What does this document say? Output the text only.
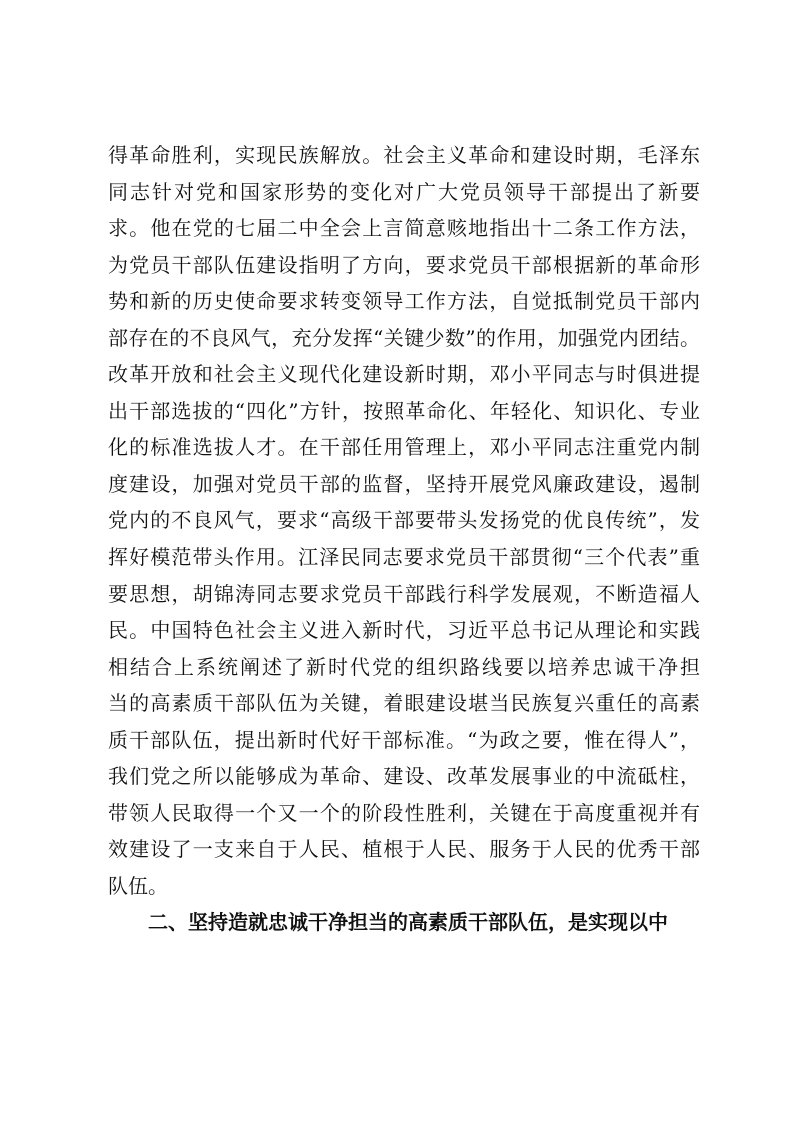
得革命胜利，实现民族解放。社会主义革命和建设时期，毛泽东
同志针对党和国家形势的变化对广大党员领导干部提出了新要
求。他在党的七届二中全会上言简意赅地指出十二条工作方法，
为党员干部队伍建设指明了方向，要求党员干部根据新的革命形
势和新的历史使命要求转变领导工作方法，自觉抵制党员干部内
部存在的不良风气，充分发挥“关键少数”的作用，加强党内团结。
改革开放和社会主义现代化建设新时期，邓小平同志与时俱进提
出干部选拔的“四化”方针，按照革命化、年轻化、知识化、专业
化的标准选拔人才。在干部任用管理上，邓小平同志注重党内制
度建设，加强对党员干部的监督，坚持开展党风廉政建设，遏制
党内的不良风气，要求“高级干部要带头发扬党的优良传统”，发
挥好模范带头作用。江泽民同志要求党员干部贯彻“三个代表”重
要思想，胡锦涛同志要求党员干部践行科学发展观，不断造福人
民。中国特色社会主义进入新时代，习近平总书记从理论和实践
相结合上系统阐述了新时代党的组织路线要以培养忠诚干净担
当的高素质干部队伍为关键，着眼建设堪当民族复兴重任的高素
质干部队伍，提出新时代好干部标准。“为政之要，惟在得人”，
我们党之所以能够成为革命、建设、改革发展事业的中流砥柱，
带领人民取得一个又一个的阶段性胜利，关键在于高度重视并有
效建设了一支来自于人民、植根于人民、服务于人民的优秀干部
队伍。
二、坚持造就忠诚干净担当的高素质干部队伍，是实现以中
